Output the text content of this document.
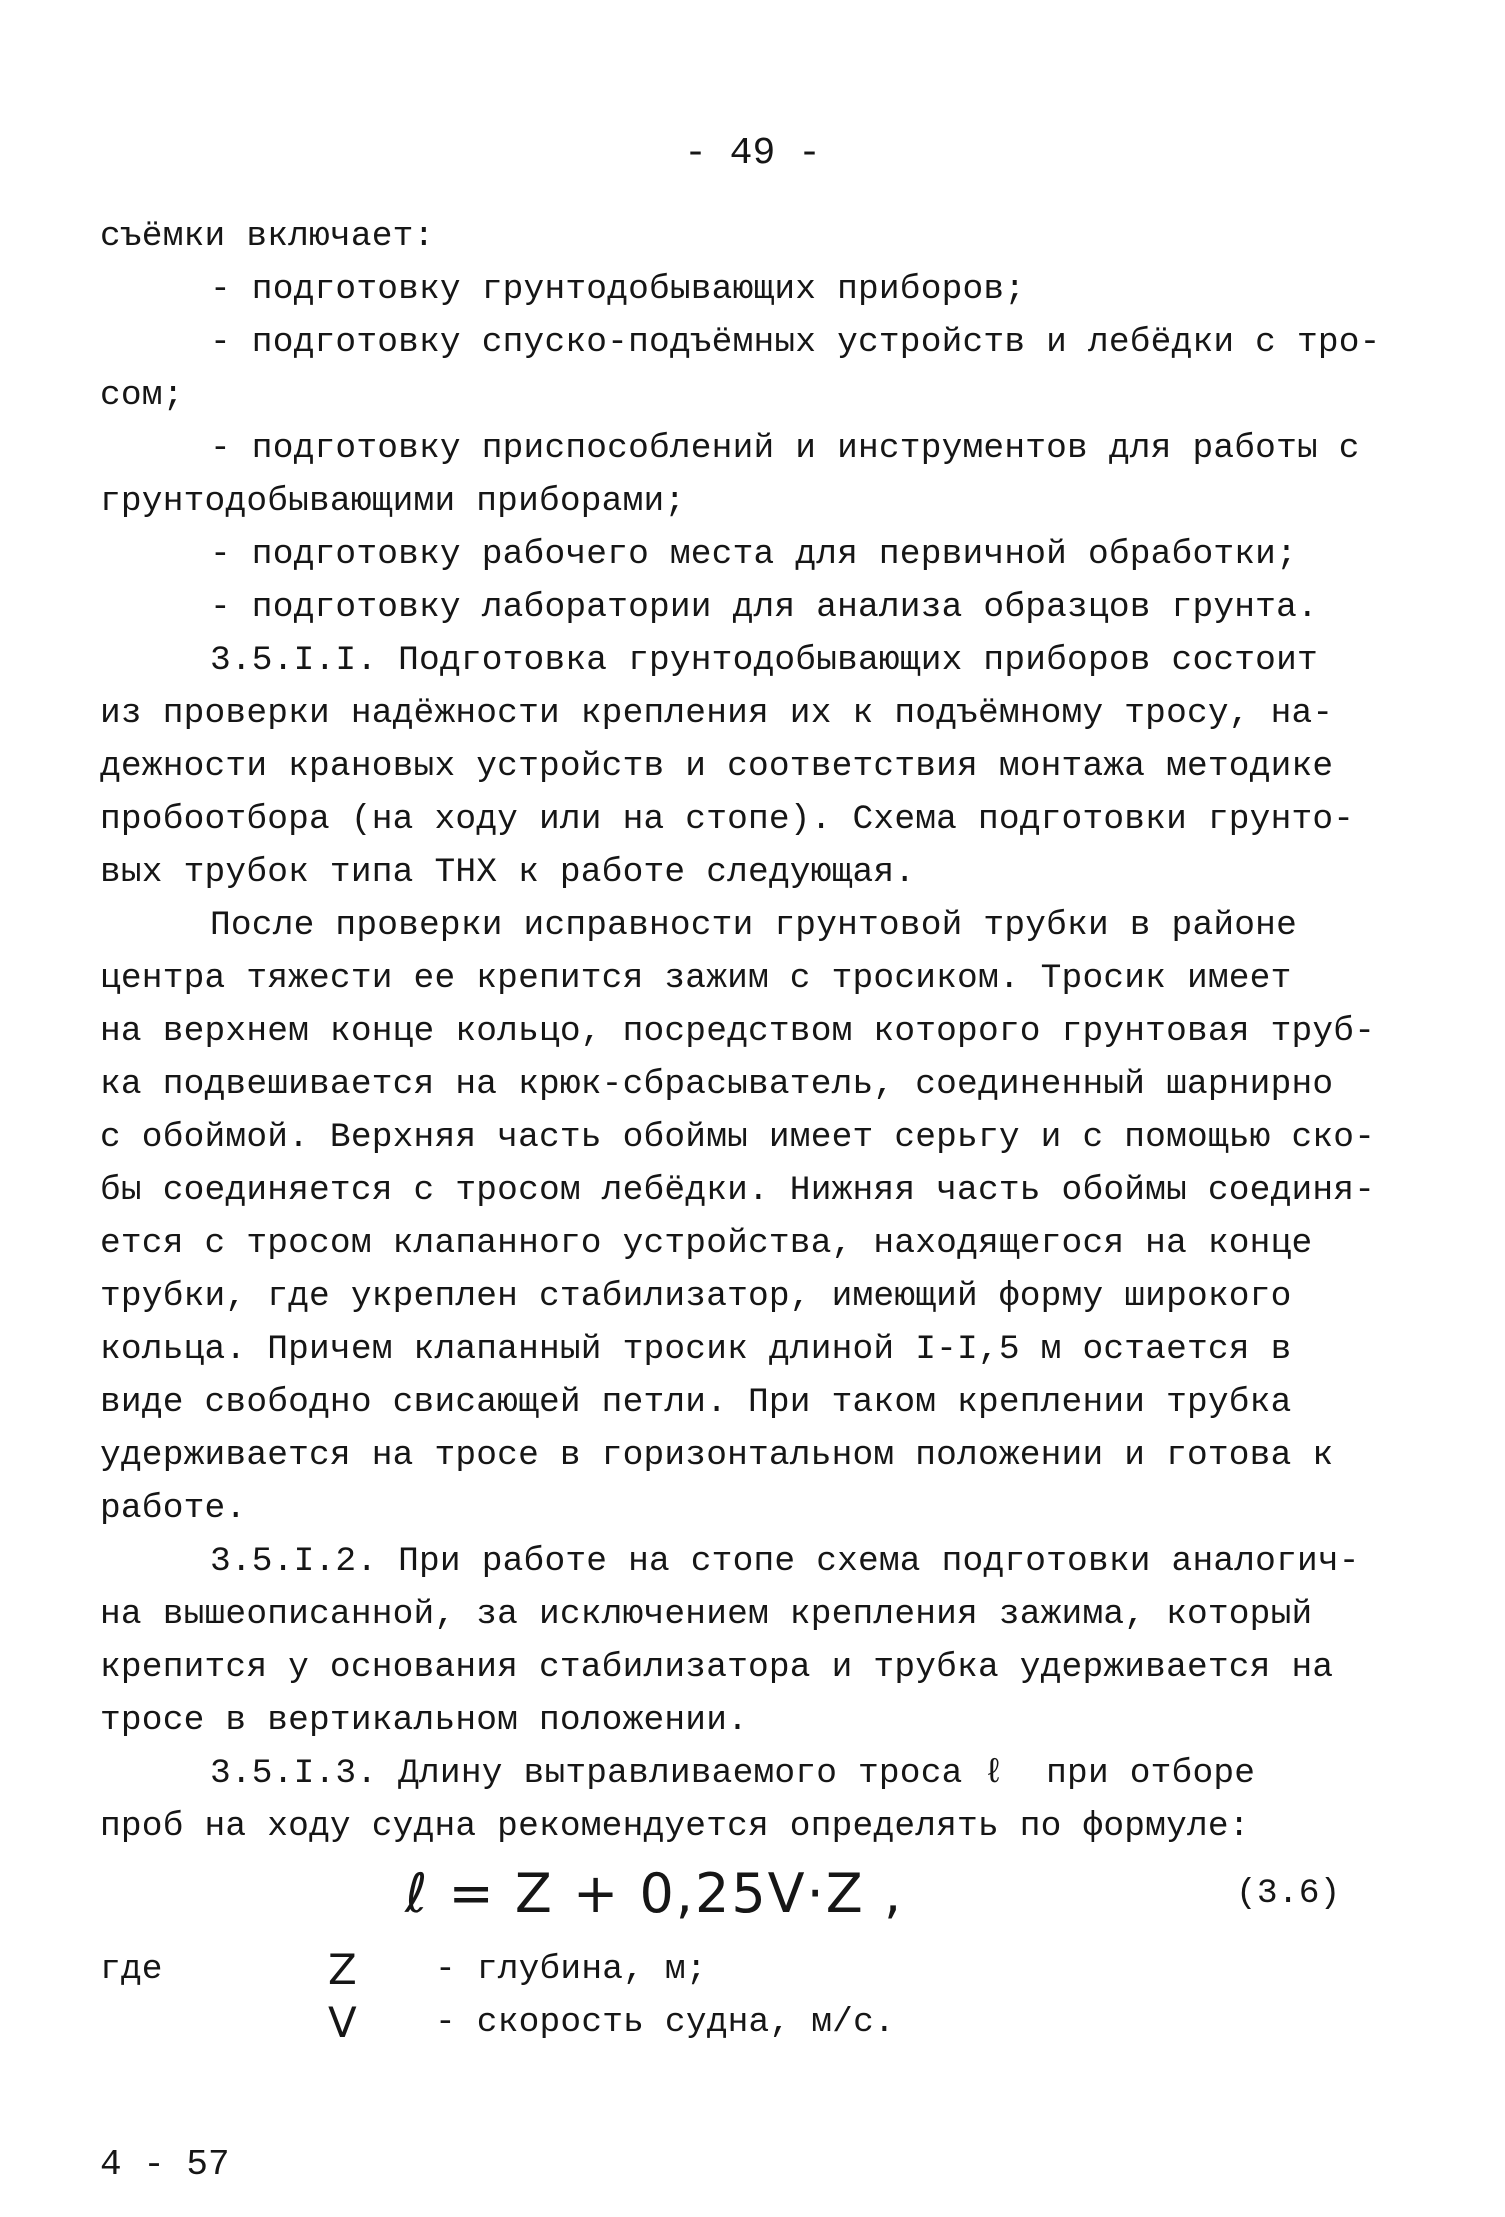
- 49 -
съёмки включает:
- подготовку грунтодобывающих приборов;
- подготовку спуско-подъёмных устройств и лебёдки с тро-
сом;
- подготовку приспособлений и инструментов для работы с
грунтодобывающими приборами;
- подготовку рабочего места для первичной обработки;
- подготовку лаборатории для анализа образцов грунта.
3.5.I.I. Подготовка грунтодобывающих приборов состоит
из проверки надёжности крепления их к подъёмному тросу, на-
дежности крановых устройств и соответствия монтажа методике
пробоотбора (на ходу или на стопе). Схема подготовки грунто-
вых трубок типа ТНХ к работе следующая.
После проверки исправности грунтовой трубки в районе
центра тяжести ее крепится зажим с тросиком. Тросик имеет
на верхнем конце кольцо, посредством которого грунтовая труб-
ка подвешивается на крюк-сбрасыватель, соединенный шарнирно
с обоймой. Верхняя часть обоймы имеет серьгу и с помощью ско-
бы соединяется с тросом лебёдки. Нижняя часть обоймы соединя-
ется с тросом клапанного устройства, находящегося на конце
трубки, где укреплен стабилизатор, имеющий форму широкого
кольца. Причем клапанный тросик длиной I-I,5 м остается в
виде свободно свисающей петли. При таком креплении трубка
удерживается на тросе в горизонтальном положении и готова к
работе.
3.5.I.2. При работе на стопе схема подготовки аналогич-
на вышеописанной, за исключением крепления зажима, который
крепится у основания стабилизатора и трубка удерживается на
тросе в вертикальном положении.
3.5.I.3. Длину вытравливаемого троса ℓ  при отборе
проб на ходу судна рекомендуется определять по формуле:
ℓ = Z + 0,25V·Z ,	(3.6)
где	Z - глубина, м;
V - скорость судна, м/с.
4 - 57
